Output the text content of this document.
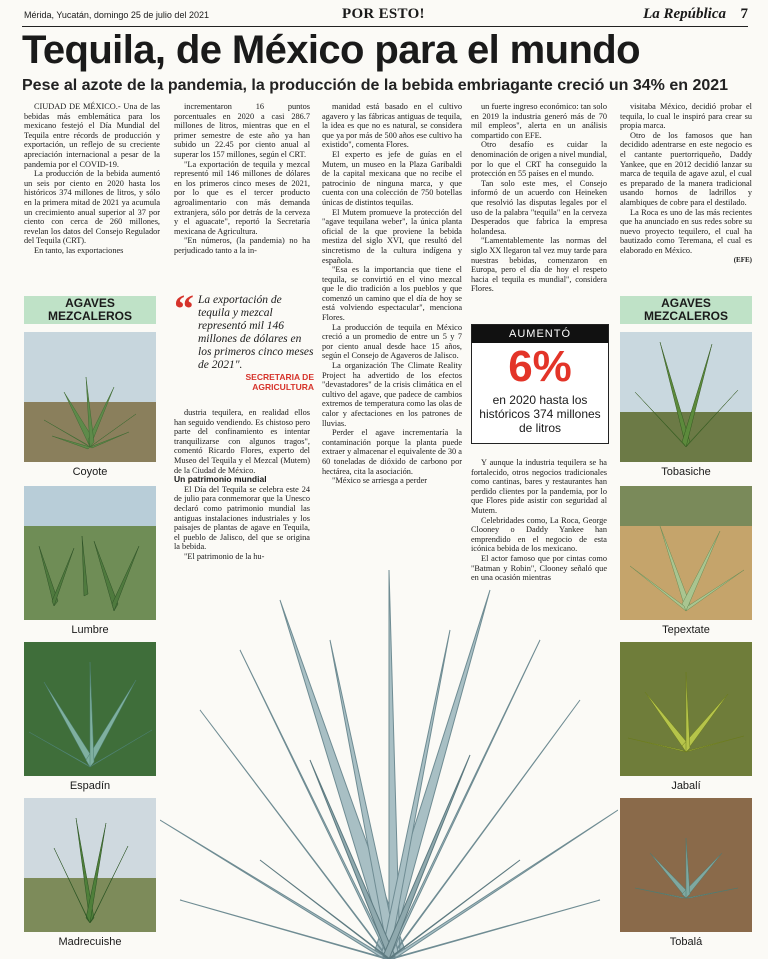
Mérida, Yucatán, domingo 25 de julio del 2021	POR ESTO!	La República 7
Tequila, de México para el mundo
Pese al azote de la pandemia, la producción de la bebida embriagante creció un 34% en 2021
AGAVES MEZCALEROS
Coyote
Lumbre
Espadín
Madrecuishe
AGAVES MEZCALEROS
Tobasiche
Tepextate
Jabalí
Tobalá

CIUDAD DE MÉXICO.- Una de las bebidas más emblemática para los mexicano festejó el Día Mundial del Tequila entre récords de producción y exportación, un reflejo de su creciente apreciación internacional a pesar de la pandemia por el COVID-19.

La producción de la bebida aumentó un seis por ciento en 2020 hasta los históricos 374 millones de litros, y sólo en la primera mitad de 2021 ya acumula un crecimiento anual superior al 37 por ciento con cerca de 260 millones, revelan los datos del Consejo Regulador del Tequila (CRT).

En tanto, las exportaciones

incrementaron 16 puntos porcentuales en 2020 a casi 286.7 millones de litros, mientras que en el primer semestre de este año ya han subido un 22.45 por ciento anual al superar los 157 millones, según el CRT.

"La exportación de tequila y mezcal representó mil 146 millones de dólares en los primeros cinco meses de 2021, por lo que es el tercer producto agroalimentario con más demanda extranjera, sólo por detrás de la cerveza y el aguacate", reportó la Secretaría mexicana de Agricultura.

"En números, (la pandemia) no ha perjudicado tanto a la in-

“ La exportación de tequila y mezcal representó mil 146 millones de dólares en los primeros cinco meses de 2021".
SECRETARIA DE AGRICULTURA

dustria tequilera, en realidad ellos han seguido vendiendo. Es chistoso pero parte del confinamiento es intentar tranquilizarse con algunos tragos", comentó Ricardo Flores, experto del Museo del Tequila y el Mezcal (Mutem) de la Ciudad de México.

Un patrimonio mundial

El Día del Tequila se celebra este 24 de julio para conmemorar que la Unesco declaró como patrimonio mundial las antiguas instalaciones industriales y los paisajes de plantas de agave en Tequila, el pueblo de Jalisco, del que se origina la bebida.

"El patrimonio de la hu-

manidad está basado en el cultivo agavero y las fábricas antiguas de tequila, la idea es que no es natural, se considera que ya por más de 500 años ese cultivo ha existido", comenta Flores.

El experto es jefe de guías en el Mutem, un museo en la Plaza Garibaldi de la capital mexicana que no recibe el patrocinio de ninguna marca, y que cuenta con una colección de 750 botellas únicas de distintos tequilas.

El Mutem promueve la protección del "agave tequilana weber", la única planta oficial de la que proviene la bebida mestiza del siglo XVI, que resultó del sincretismo de la cultura indígena y española.

"Esa es la importancia que tiene el tequila, se convirtió en el vino mezcal que le dio tradición a los pueblos y que comenzó un camino que el día de hoy se está volviendo espectacular", menciona Flores.

La producción de tequila en México creció a un promedio de entre un 5 y 7 por ciento anual desde hace 15 años, según el Consejo de Agaveros de Jalisco.

La organización The Climate Reality Project ha advertido de los efectos "devastadores" de la crisis climática en el cultivo del agave, que padece de cambios extremos de temperatura como las olas de calor y afectaciones en los patrones de lluvias.

Perder el agave incrementaría la contaminación porque la planta puede extraer y almacenar el equivalente de 30 a 60 toneladas de dióxido de carbono por hectárea, cita la asociación.

"México se arriesga a perder

un fuerte ingreso económico: tan solo en 2019 la industria generó más de 70 mil empleos", alerta en un análisis compartido con EFE.

Otro desafío es cuidar la denominación de origen a nivel mundial, por lo que el CRT ha conseguido la protección en 55 países en el mundo.

Tan solo este mes, el Consejo informó de un acuerdo con Heineken que resolvió las disputas legales por el uso de la palabra "tequila" en la cerveza Desperados que fabrica la empresa holandesa.

"Lamentablemente las normas del siglo XX llegaron tal vez muy tarde para nuestras bebidas, comenzaron en Europa, pero el día de hoy el respeto hacia el tequila es mundial", considera Flores.

AUMENTÓ
6%
en 2020 hasta los históricos 374 millones de litros

Y aunque la industria tequilera se ha fortalecido, otros negocios tradicionales como cantinas, bares y restaurantes han perdido clientes por la pandemia, por lo que Flores pide asistir con seguridad al Mutem.

Celebridades como, La Roca, George Clooney o Daddy Yankee han emprendido en el negocio de esta icónica bebida de los mexicano.

El actor famoso que por cintas como "Batman y Robin", Clooney señaló que en una ocasión mientras

visitaba México, decidió probar el tequila, lo cual le inspiró para crear su propia marca.

Otro de los famosos que han decidido adentrarse en este negocio es el cantante puertorriqueño, Daddy Yankee, que en 2012 decidió lanzar su marca de tequila de agave azul, el cual es preparado de la manera tradicional usando hornos de ladrillos y alambiques de cobre para el destilado.

La Roca es uno de las más recientes que ha anunciado en sus redes sobre su nuevo proyecto tequilero, el cual ha bautizado como Teremana, el cual es elaborado en México.

(EFE)
